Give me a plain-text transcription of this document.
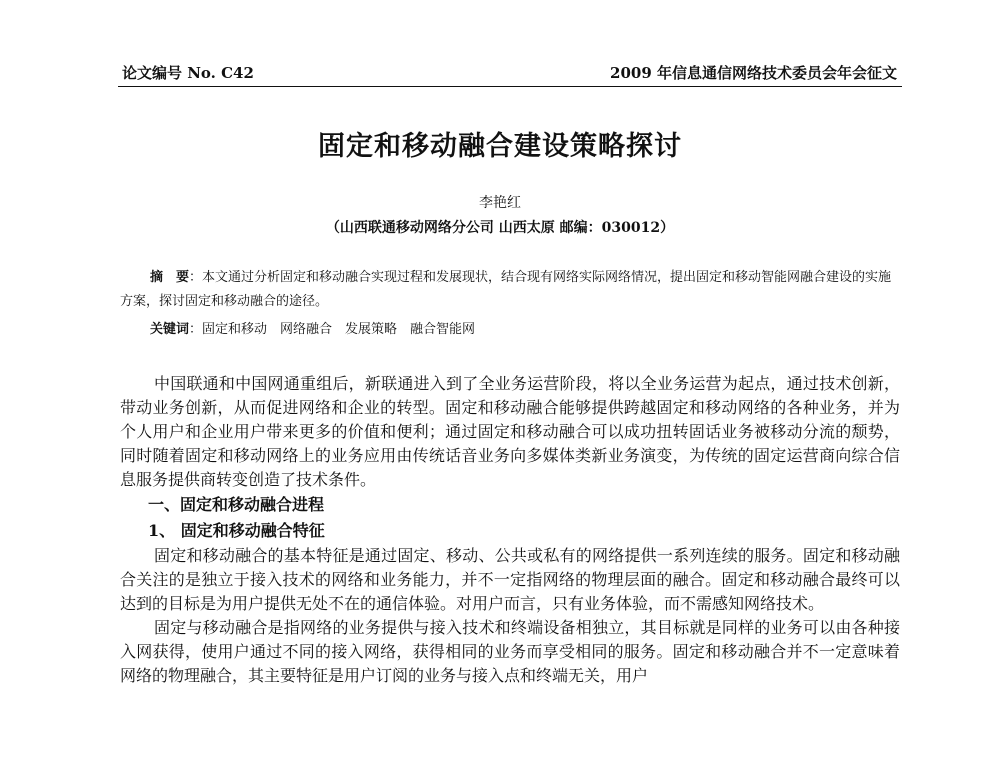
论文编号 No. C42	2009 年信息通信网络技术委员会年会征文
固定和移动融合建设策略探讨
李艳红
（山西联通移动网络分公司 山西太原 邮编：030012）
摘　要：本文通过分析固定和移动融合实现过程和发展现状，结合现有网络实际网络情况，提出固定和移动智能网融合建设的实施方案，探讨固定和移动融合的途径。
关键词：固定和移动　网络融合　发展策略　融合智能网

中国联通和中国网通重组后，新联通进入到了全业务运营阶段，将以全业务运营为起点，通过技术创新，带动业务创新，从而促进网络和企业的转型。固定和移动融合能够提供跨越固定和移动网络的各种业务，并为个人用户和企业用户带来更多的价值和便利；通过固定和移动融合可以成功扭转固话业务被移动分流的颓势，同时随着固定和移动网络上的业务应用由传统话音业务向多媒体类新业务演变，为传统的固定运营商向综合信息服务提供商转变创造了技术条件。

一、固定和移动融合进程
1、 固定和移动融合特征

固定和移动融合的基本特征是通过固定、移动、公共或私有的网络提供一系列连续的服务。固定和移动融合关注的是独立于接入技术的网络和业务能力，并不一定指网络的物理层面的融合。固定和移动融合最终可以达到的目标是为用户提供无处不在的通信体验。对用户而言，只有业务体验，而不需感知网络技术。

固定与移动融合是指网络的业务提供与接入技术和终端设备相独立，其目标就是同样的业务可以由各种接入网获得，使用户通过不同的接入网络，获得相同的业务而享受相同的服务。固定和移动融合并不一定意味着网络的物理融合，其主要特征是用户订阅的业务与接入点和终端无关，用户
